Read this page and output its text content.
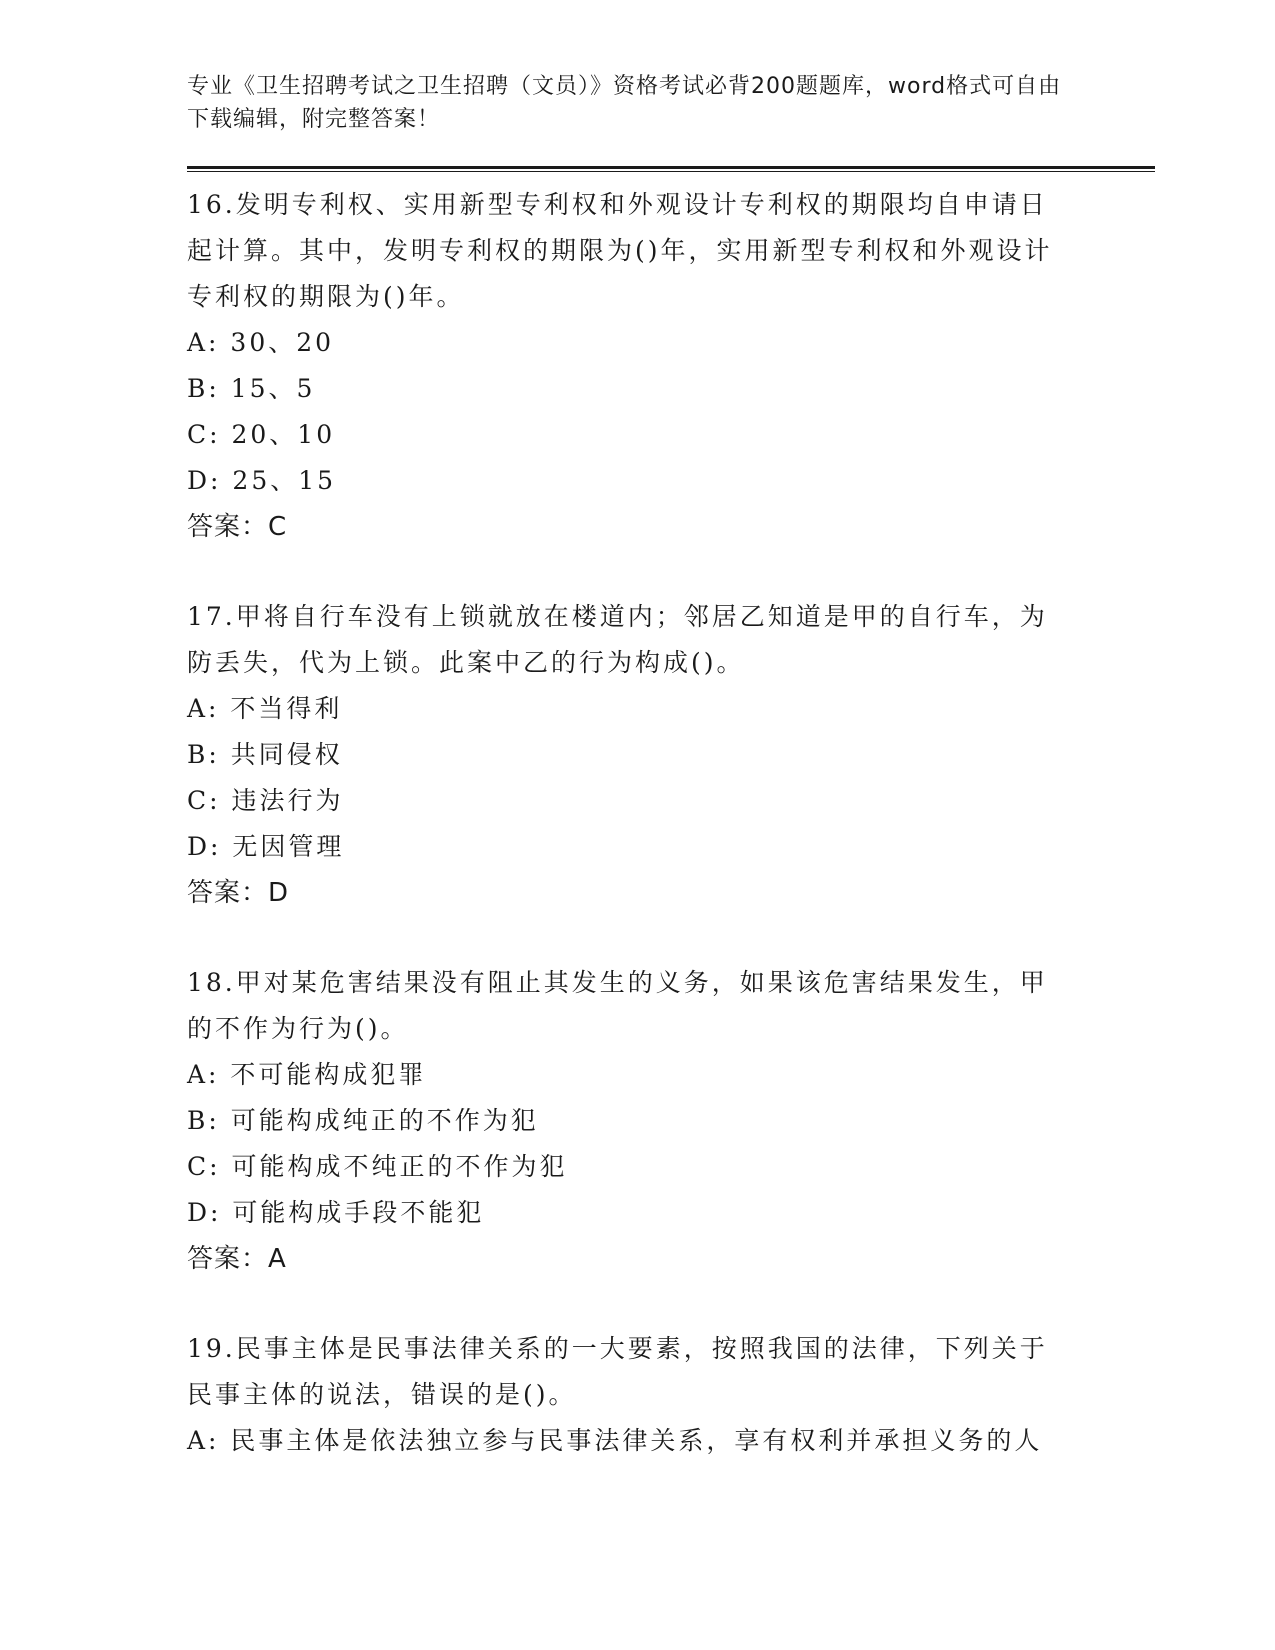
专业《卫生招聘考试之卫生招聘（文员）》资格考试必背200题题库，word格式可自由下载编辑，附完整答案！
16.发明专利权、实用新型专利权和外观设计专利权的期限均自申请日起计算。其中，发明专利权的期限为()年，实用新型专利权和外观设计专利权的期限为()年。
A: 30、20
B: 15、5
C: 20、10
D: 25、15
答案：C
17.甲将自行车没有上锁就放在楼道内；邻居乙知道是甲的自行车，为防丢失，代为上锁。此案中乙的行为构成()。
A: 不当得利
B: 共同侵权
C: 违法行为
D: 无因管理
答案：D
18.甲对某危害结果没有阻止其发生的义务，如果该危害结果发生，甲的不作为行为()。
A: 不可能构成犯罪
B: 可能构成纯正的不作为犯
C: 可能构成不纯正的不作为犯
D: 可能构成手段不能犯
答案：A
19.民事主体是民事法律关系的一大要素，按照我国的法律，下列关于民事主体的说法，错误的是()。
A: 民事主体是依法独立参与民事法律关系，享有权利并承担义务的人
